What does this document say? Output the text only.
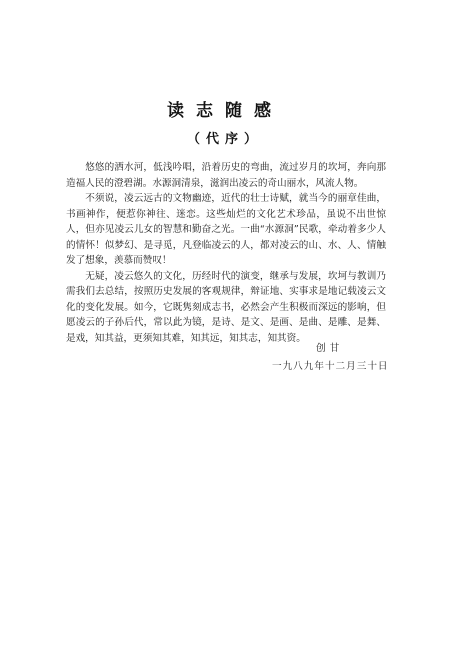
读志随感
（代序）

悠悠的洒水河，低浅吟唱，沿着历史的弯曲，流过岁月的坎坷，奔向那造福人民的澄碧湖。水源洞清泉，滋润出凌云的奇山丽水，风流人物。

不须说，凌云远古的文物幽迹，近代的壮士诗赋，就当今的丽章佳曲，书画神作，便惹你神往、迷恋。这些灿烂的文化艺术珍品，虽说不出世惊人，但亦见凌云儿女的智慧和勤奋之光。一曲“水源洞”民歌，牵动着多少人的情怀！似梦幻、是寻觅，凡登临凌云的人，都对凌云的山、水、人、情触发了想象，羡慕而赞叹！

无疑，凌云悠久的文化，历经时代的演变，继承与发展，坎坷与教训乃需我们去总结，按照历史发展的客观规律，辩证地、实事求是地记载凌云文化的变化发展。如今，它既隽刻成志书，必然会产生积极而深远的影响，但愿凌云的子孙后代，常以此为镜，是诗、是文、是画、是曲、是雕、是舞、是戏，知其益，更须知其难，知其远，知其志，知其资。

创甘
一九八九年十二月三十日
